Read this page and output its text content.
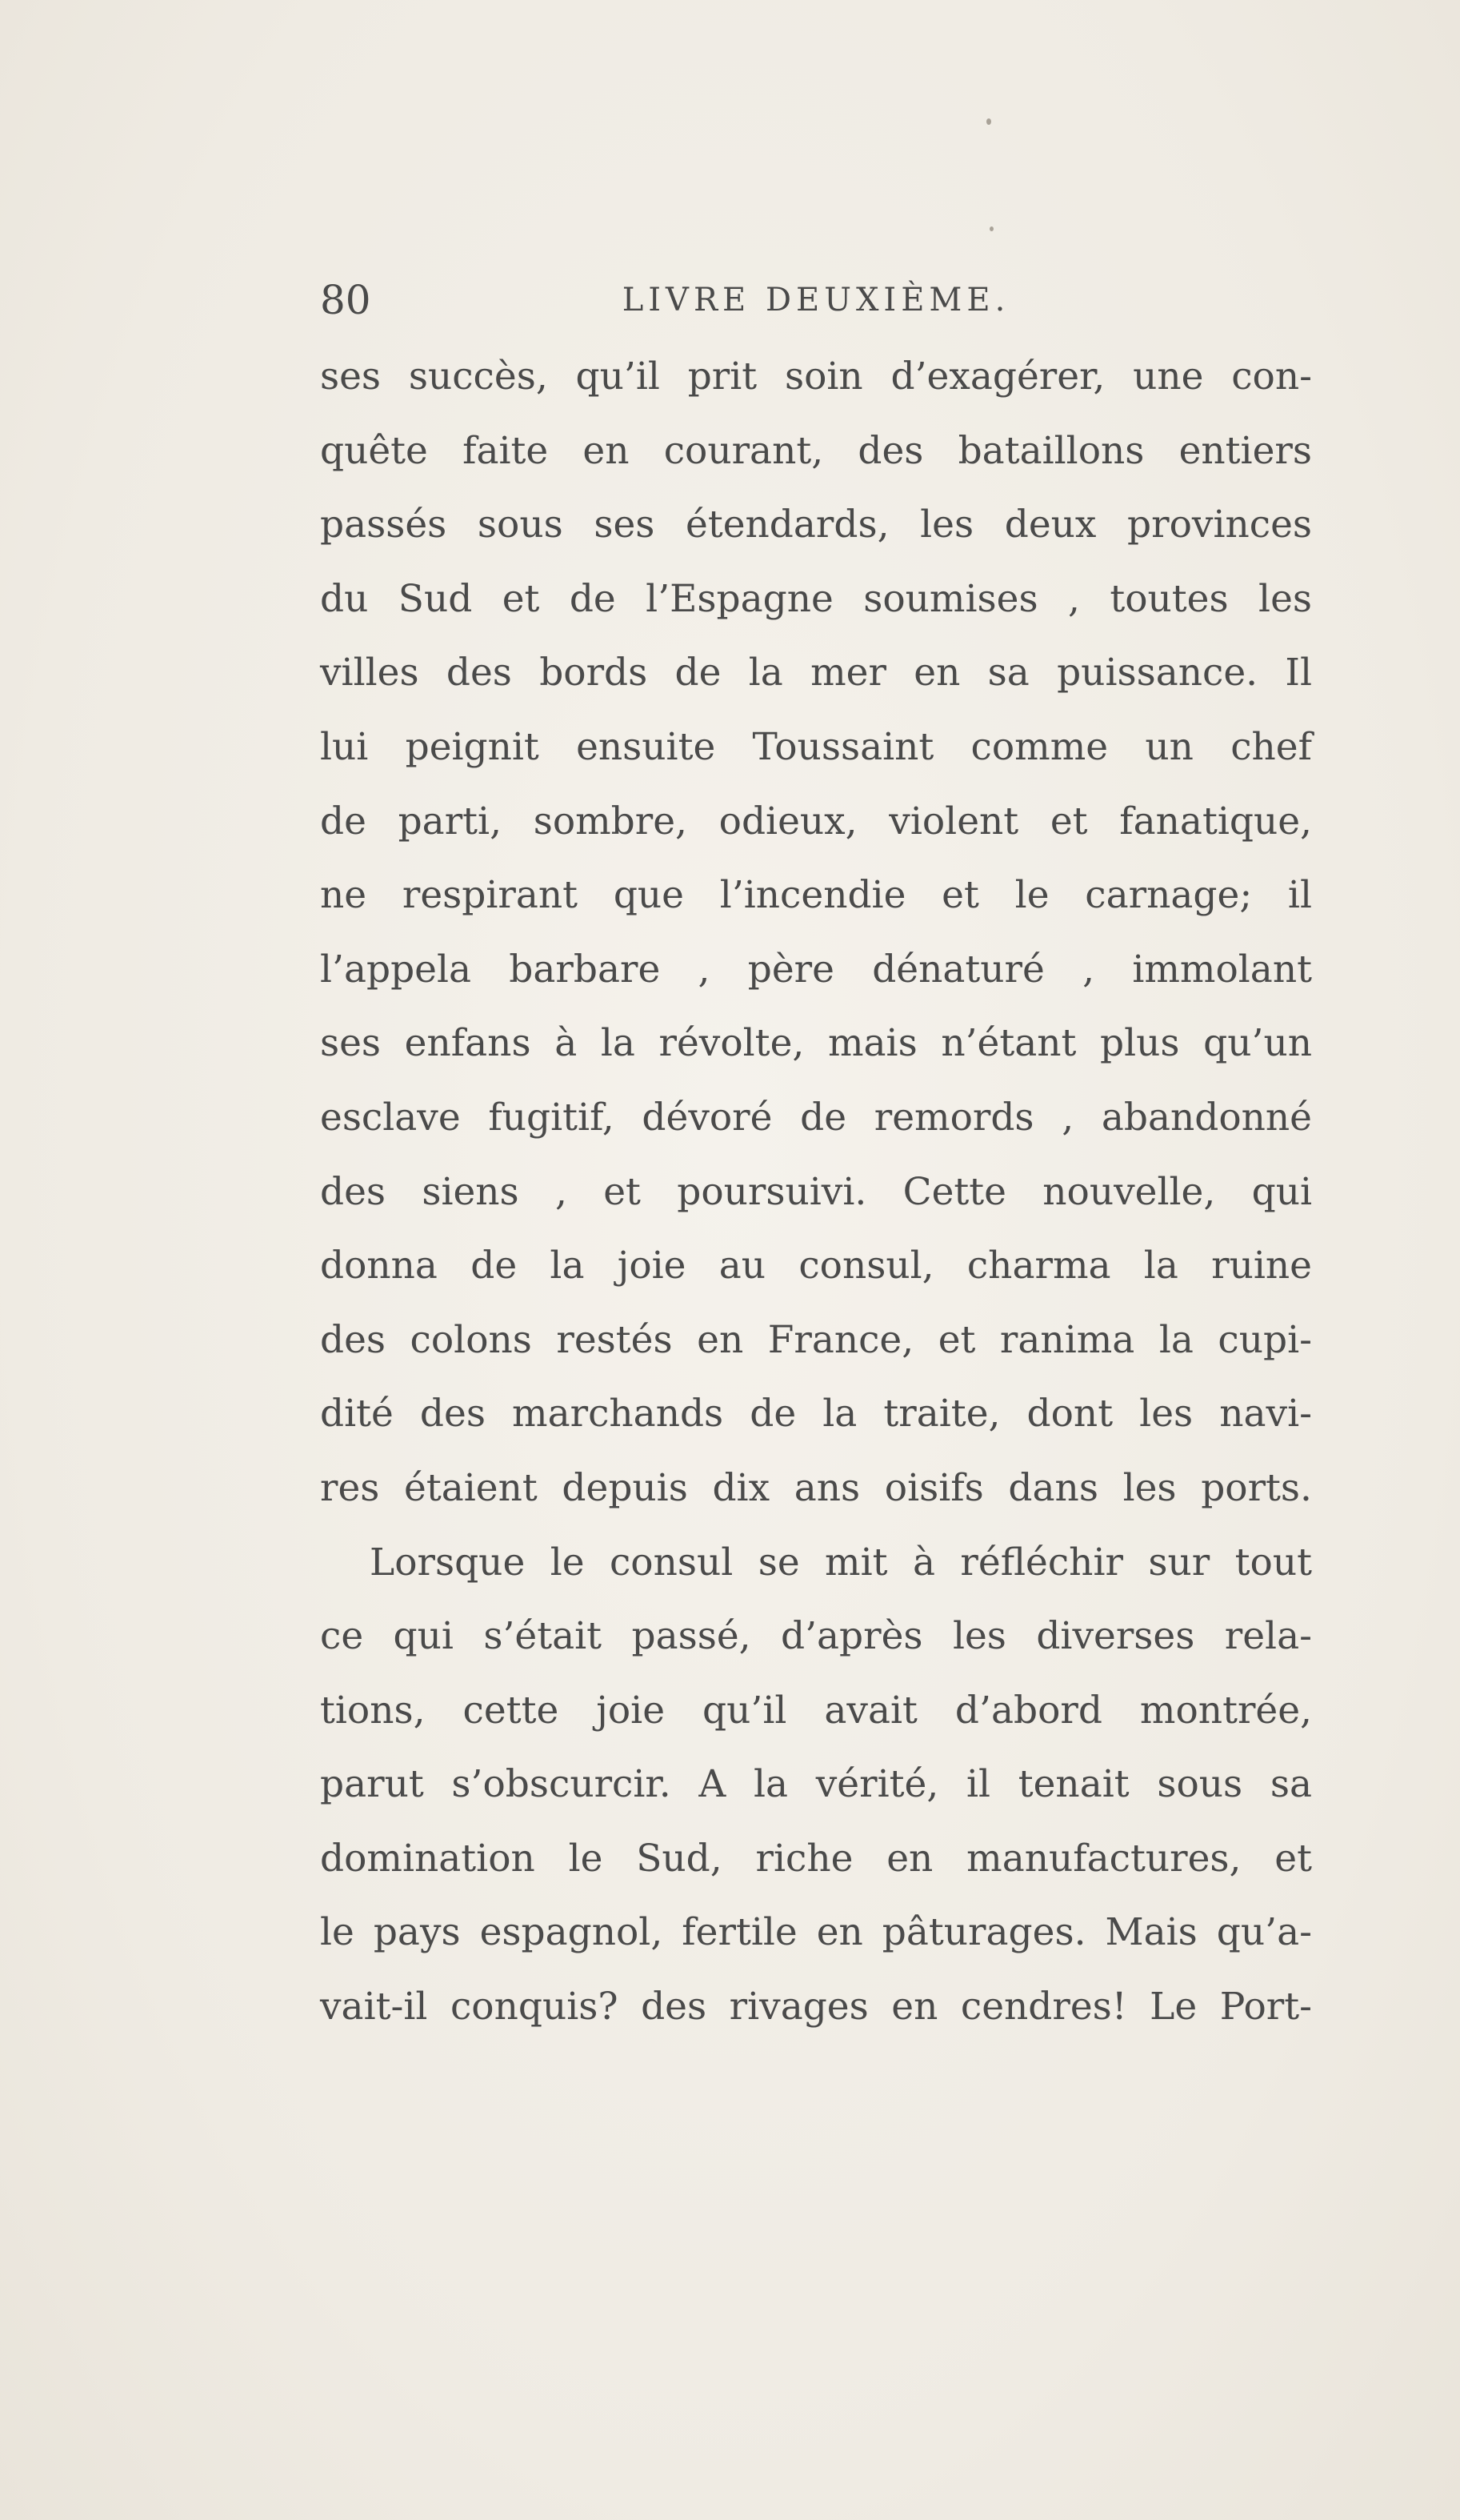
80	LIVRE DEUXIÈME.
ses succès, qu’il prit soin d’exagérer, une con-
quête faite en courant, des bataillons entiers
passés sous ses étendards, les deux provinces
du Sud et de l’Espagne soumises , toutes les
villes des bords de la mer en sa puissance. Il
lui peignit ensuite Toussaint comme un chef
de parti, sombre, odieux, violent et fanatique,
ne respirant que l’incendie et le carnage; il
l’appela barbare , père dénaturé , immolant
ses enfans à la révolte, mais n’étant plus qu’un
esclave fugitif, dévoré de remords , abandonné
des siens , et poursuivi. Cette nouvelle, qui
donna de la joie au consul, charma la ruine
des colons restés en France, et ranima la cupi-
dité des marchands de la traite, dont les navi-
res étaient depuis dix ans oisifs dans les ports.
Lorsque le consul se mit à réfléchir sur tout
ce qui s’était passé, d’après les diverses rela-
tions, cette joie qu’il avait d’abord montrée,
parut s’obscurcir. A la vérité, il tenait sous sa
domination le Sud, riche en manufactures, et
le pays espagnol, fertile en pâturages. Mais qu’a-
vait-il conquis? des rivages en cendres! Le Port-
